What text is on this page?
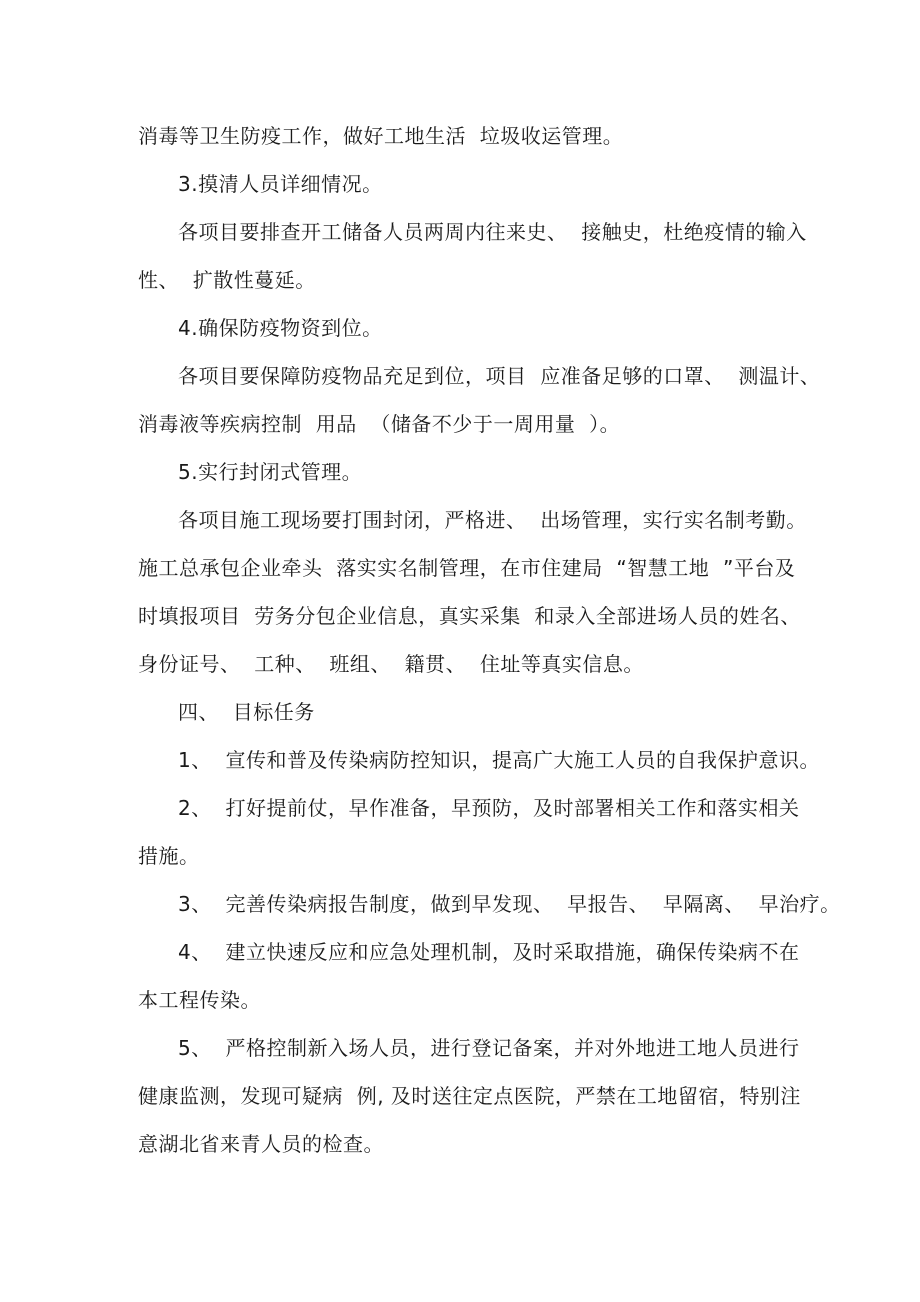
消毒等卫生防疫工作，做好工地生活  垃圾收运管理。
3.摸清人员详细情况。
各项目要排查开工储备人员两周内往来史、  接触史，杜绝疫情的输入
性、  扩散性蔓延。
4.确保防疫物资到位。
各项目要保障防疫物品充足到位，项目  应准备足够的口罩、  测温计、
消毒液等疾病控制  用品  （储备不少于一周用量  ）。
5.实行封闭式管理。
各项目施工现场要打围封闭，严格进、  出场管理，实行实名制考勤。
施工总承包企业牵头  落实实名制管理，在市住建局  “智慧工地  ”平台及
时填报项目  劳务分包企业信息，真实采集  和录入全部进场人员的姓名、
身份证号、  工种、  班组、  籍贯、  住址等真实信息。
四、  目标任务
1、  宣传和普及传染病防控知识，提高广大施工人员的自我保护意识。
2、  打好提前仗，早作准备，早预防，及时部署相关工作和落实相关
措施。
3、  完善传染病报告制度，做到早发现、  早报告、  早隔离、  早治疗。
4、  建立快速反应和应急处理机制，及时采取措施，确保传染病不在
本工程传染。
5、  严格控制新入场人员，进行登记备案，并对外地进工地人员进行
健康监测，发现可疑病  例, 及时送往定点医院，严禁在工地留宿，特别注
意湖北省来青人员的检查。
